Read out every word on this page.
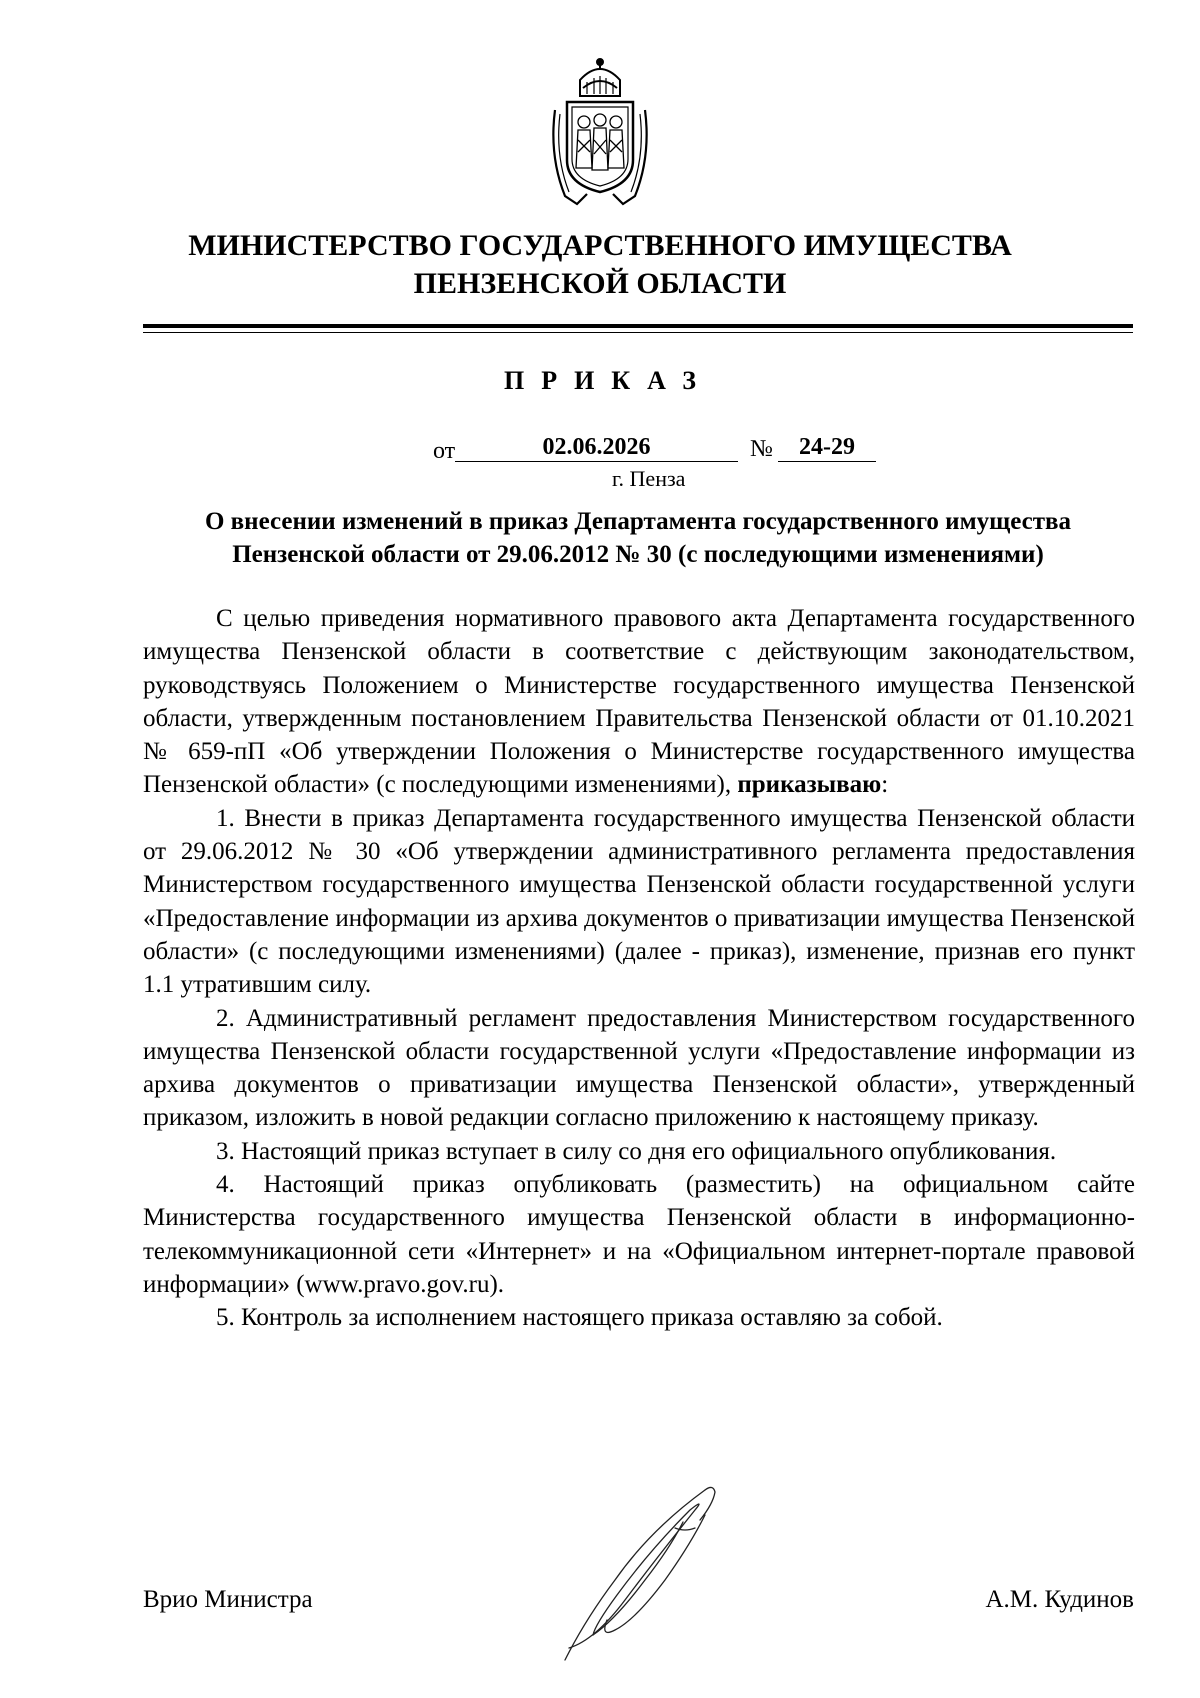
МИНИСТЕРСТВО ГОСУДАРСТВЕННОГО ИМУЩЕСТВА
ПЕНЗЕНСКОЙ ОБЛАСТИ
ПРИКАЗ
от	02.06.2026	№	24-29
г. Пенза
О внесении изменений в приказ Департамента государственного имущества
Пензенской области от 29.06.2012 № 30 (с последующими изменениями)

С целью приведения нормативного правового акта Департамента государственного имущества Пензенской области в соответствие с действующим законодательством, руководствуясь Положением о Министерстве государственного имущества Пензенской области, утвержденным постановлением Правительства Пензенской области от 01.10.2021 № 659-пП «Об утверждении Положения о Министерстве государственного имущества Пензенской области» (с последующими изменениями), приказываю:

1. Внести в приказ Департамента государственного имущества Пензенской области от 29.06.2012 № 30 «Об утверждении административного регламента предоставления Министерством государственного имущества Пензенской области государственной услуги «Предоставление информации из архива документов о приватизации имущества Пензенской области» (с последующими изменениями) (далее - приказ), изменение, признав его пункт 1.1 утратившим силу.

2. Административный регламент предоставления Министерством государственного имущества Пензенской области государственной услуги «Предоставление информации из архива документов о приватизации имущества Пензенской области», утвержденный приказом, изложить в новой редакции согласно приложению к настоящему приказу.

3. Настоящий приказ вступает в силу со дня его официального опубликования.

4. Настоящий приказ опубликовать (разместить) на официальном сайте Министерства государственного имущества Пензенской области в информационно-телекоммуникационной сети «Интернет» и на «Официальном интернет-портале правовой информации» (www.pravo.gov.ru).

5. Контроль за исполнением настоящего приказа оставляю за собой.

Врио Министра	А.М. Кудинов
